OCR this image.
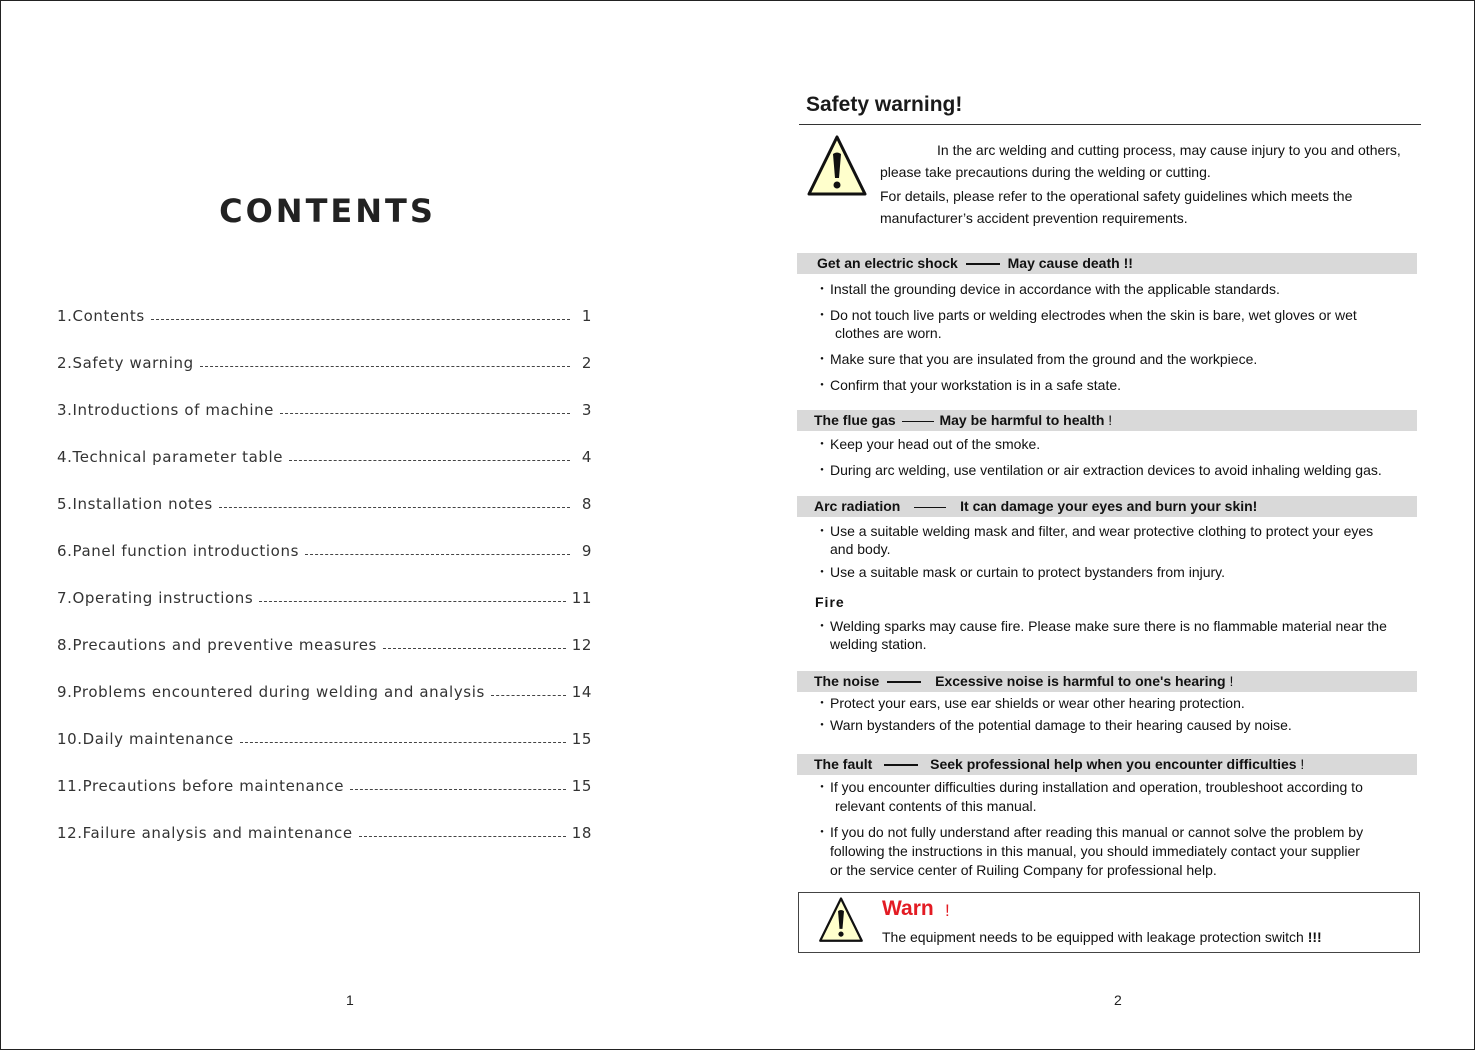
CONTENTS
1.Contents	1
2.Safety warning	2
3.Introductions of machine	3
4.Technical parameter table	4
5.Installation notes	8
6.Panel function introductions	9
7.Operating instructions	11
8.Precautions and preventive measures	12
9.Problems encountered during welding and analysis	14
10.Daily maintenance	15
11.Precautions before maintenance	15
12.Failure analysis and maintenance	18
1
Safety warning!

In the arc welding and cutting process, may cause injury to you and others,

please take precautions during the welding or cutting.

For details, please refer to the operational safety guidelines which meets the

manufacturer’s accident prevention requirements.

Get an electric shock	May cause death !!
・Install the grounding device in accordance with the applicable standards.
・Do not touch live parts or welding electrodes when the skin is bare, wet gloves or wet
clothes are worn.
・Make sure that you are insulated from the ground and the workpiece.
・Confirm that your workstation is in a safe state.
The flue gas	May be harmful to health !
・Keep your head out of the smoke.
・During arc welding, use ventilation or air extraction devices to avoid inhaling welding gas.
Arc radiation	It can damage your eyes and burn your skin!
・Use a suitable welding mask and filter, and wear protective clothing to protect your eyes
and body.
・Use a suitable mask or curtain to protect bystanders from injury.
Fire
・Welding sparks may cause fire. Please make sure there is no flammable material near the
welding station.
The noise	Excessive noise is harmful to one's hearing !
・Protect your ears, use ear shields or wear other hearing protection.
・Warn bystanders of the potential damage to their hearing caused by noise.
The fault	Seek professional help when you encounter difficulties !
・If you encounter difficulties during installation and operation, troubleshoot according to
relevant contents of this manual.
・If you do not fully understand after reading this manual or cannot solve the problem by
following the instructions in this manual, you should immediately contact your supplier
or the service center of Ruiling Company for professional help.
Warn !
The equipment needs to be equipped with leakage protection switch !!!
2
